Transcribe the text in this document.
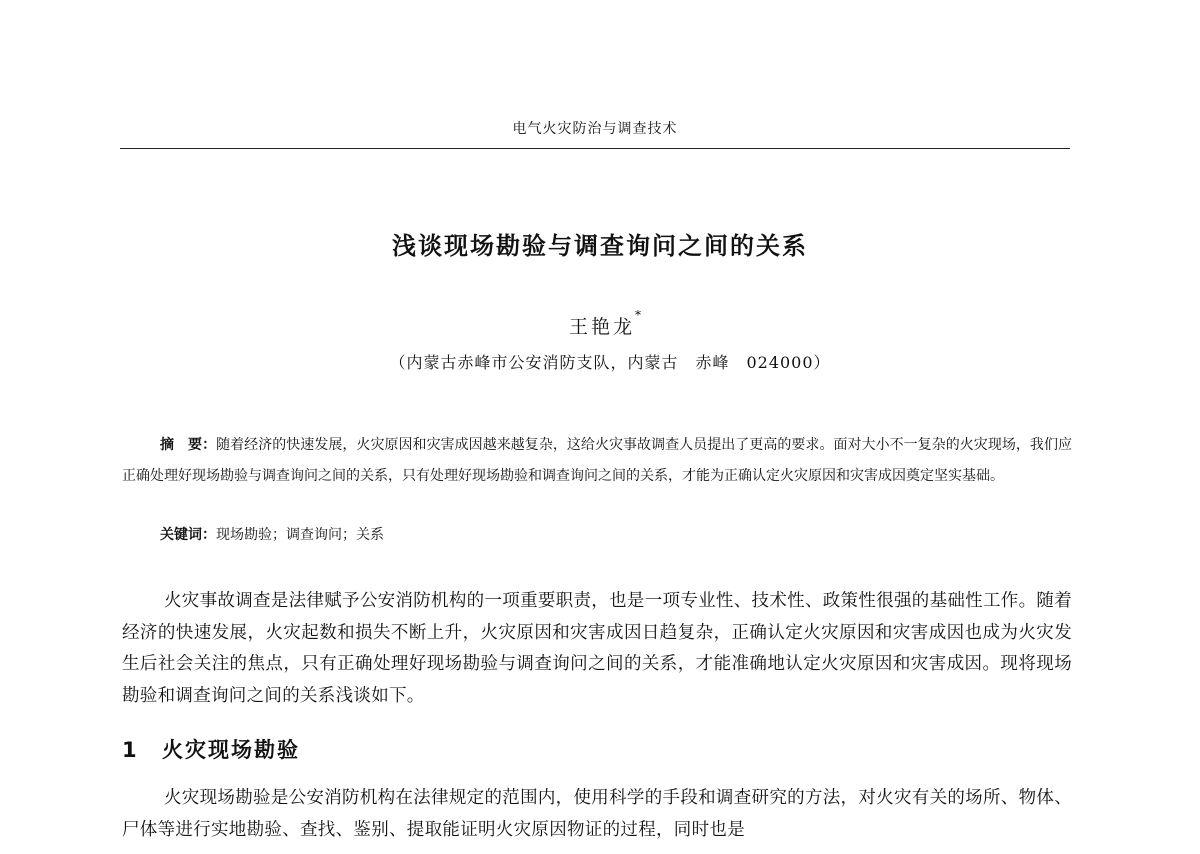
电气火灾防治与调查技术
浅谈现场勘验与调查询问之间的关系
王艳龙*
（内蒙古赤峰市公安消防支队，内蒙古　赤峰　024000）

摘　要：随着经济的快速发展，火灾原因和灾害成因越来越复杂，这给火灾事故调查人员提出了更高的要求。面对大小不一复杂的火灾现场，我们应正确处理好现场勘验与调查询问之间的关系，只有处理好现场勘验和调查询问之间的关系，才能为正确认定火灾原因和灾害成因奠定坚实基础。

关键词：现场勘验；调查询问；关系

火灾事故调查是法律赋予公安消防机构的一项重要职责，也是一项专业性、技术性、政策性很强的基础性工作。随着经济的快速发展，火灾起数和损失不断上升，火灾原因和灾害成因日趋复杂，正确认定火灾原因和灾害成因也成为火灾发生后社会关注的焦点，只有正确处理好现场勘验与调查询问之间的关系，才能准确地认定火灾原因和灾害成因。现将现场勘验和调查询问之间的关系浅谈如下。

1 火灾现场勘验

火灾现场勘验是公安消防机构在法律规定的范围内，使用科学的手段和调查研究的方法，对火灾有关的场所、物体、尸体等进行实地勘验、查找、鉴别、提取能证明火灾原因物证的过程，同时也是
